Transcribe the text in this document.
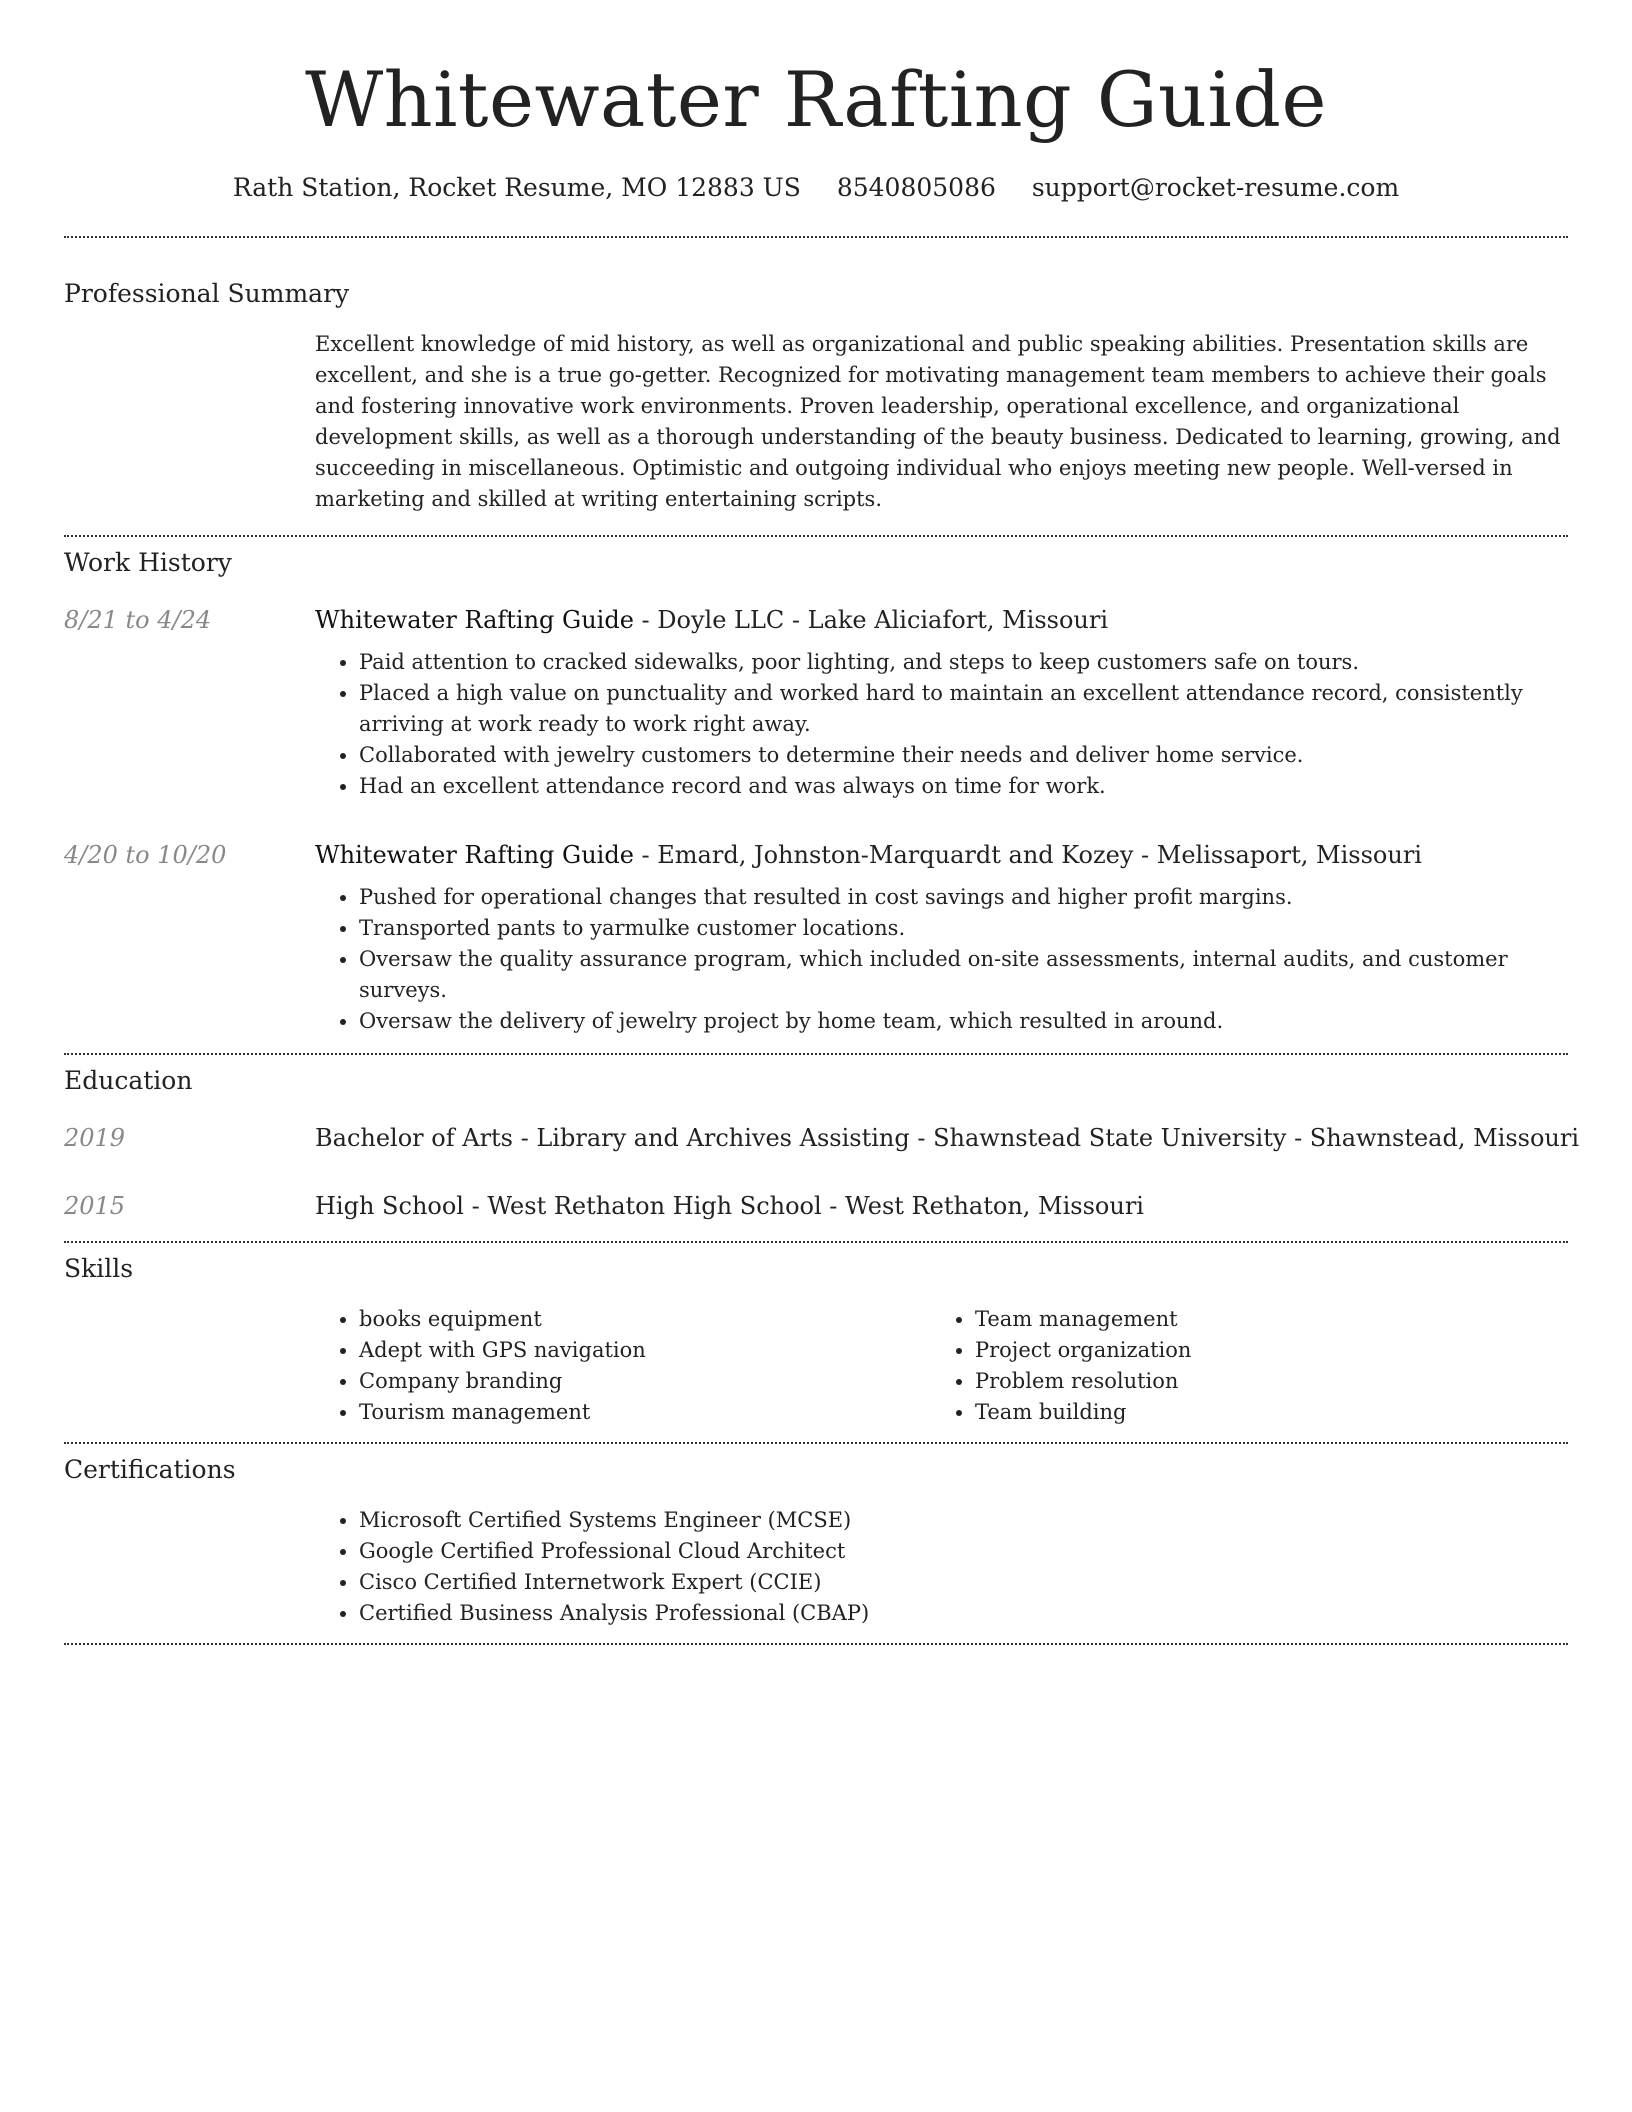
Whitewater Rafting Guide
Rath Station, Rocket Resume, MO 12883 US 8540805086 support@rocket-resume.com
Professional Summary
Excellent knowledge of mid history, as well as organizational and public speaking abilities. Presentation skills are excellent, and she is a true go-getter. Recognized for motivating management team members to achieve their goals and fostering innovative work environments. Proven leadership, operational excellence, and organizational development skills, as well as a thorough understanding of the beauty business. Dedicated to learning, growing, and succeeding in miscellaneous. Optimistic and outgoing individual who enjoys meeting new people. Well-versed in marketing and skilled at writing entertaining scripts.
Work History
8/21 to 4/24	Whitewater Rafting Guide - Doyle LLC - Lake Aliciafort, Missouri
• Paid attention to cracked sidewalks, poor lighting, and steps to keep customers safe on tours.
• Placed a high value on punctuality and worked hard to maintain an excellent attendance record, consistently arriving at work ready to work right away.
• Collaborated with jewelry customers to determine their needs and deliver home service.
• Had an excellent attendance record and was always on time for work.
4/20 to 10/20	Whitewater Rafting Guide - Emard, Johnston-Marquardt and Kozey - Melissaport, Missouri
• Pushed for operational changes that resulted in cost savings and higher profit margins.
• Transported pants to yarmulke customer locations.
• Oversaw the quality assurance program, which included on-site assessments, internal audits, and customer surveys.
• Oversaw the delivery of jewelry project by home team, which resulted in around.
Education
2019	Bachelor of Arts - Library and Archives Assisting - Shawnstead State University - Shawnstead, Missouri
2015	High School - West Rethaton High School - West Rethaton, Missouri
Skills
• books equipment
• Adept with GPS navigation
• Company branding
• Tourism management
• Team management
• Project organization
• Problem resolution
• Team building
Certifications
• Microsoft Certified Systems Engineer (MCSE)
• Google Certified Professional Cloud Architect
• Cisco Certified Internetwork Expert (CCIE)
• Certified Business Analysis Professional (CBAP)
